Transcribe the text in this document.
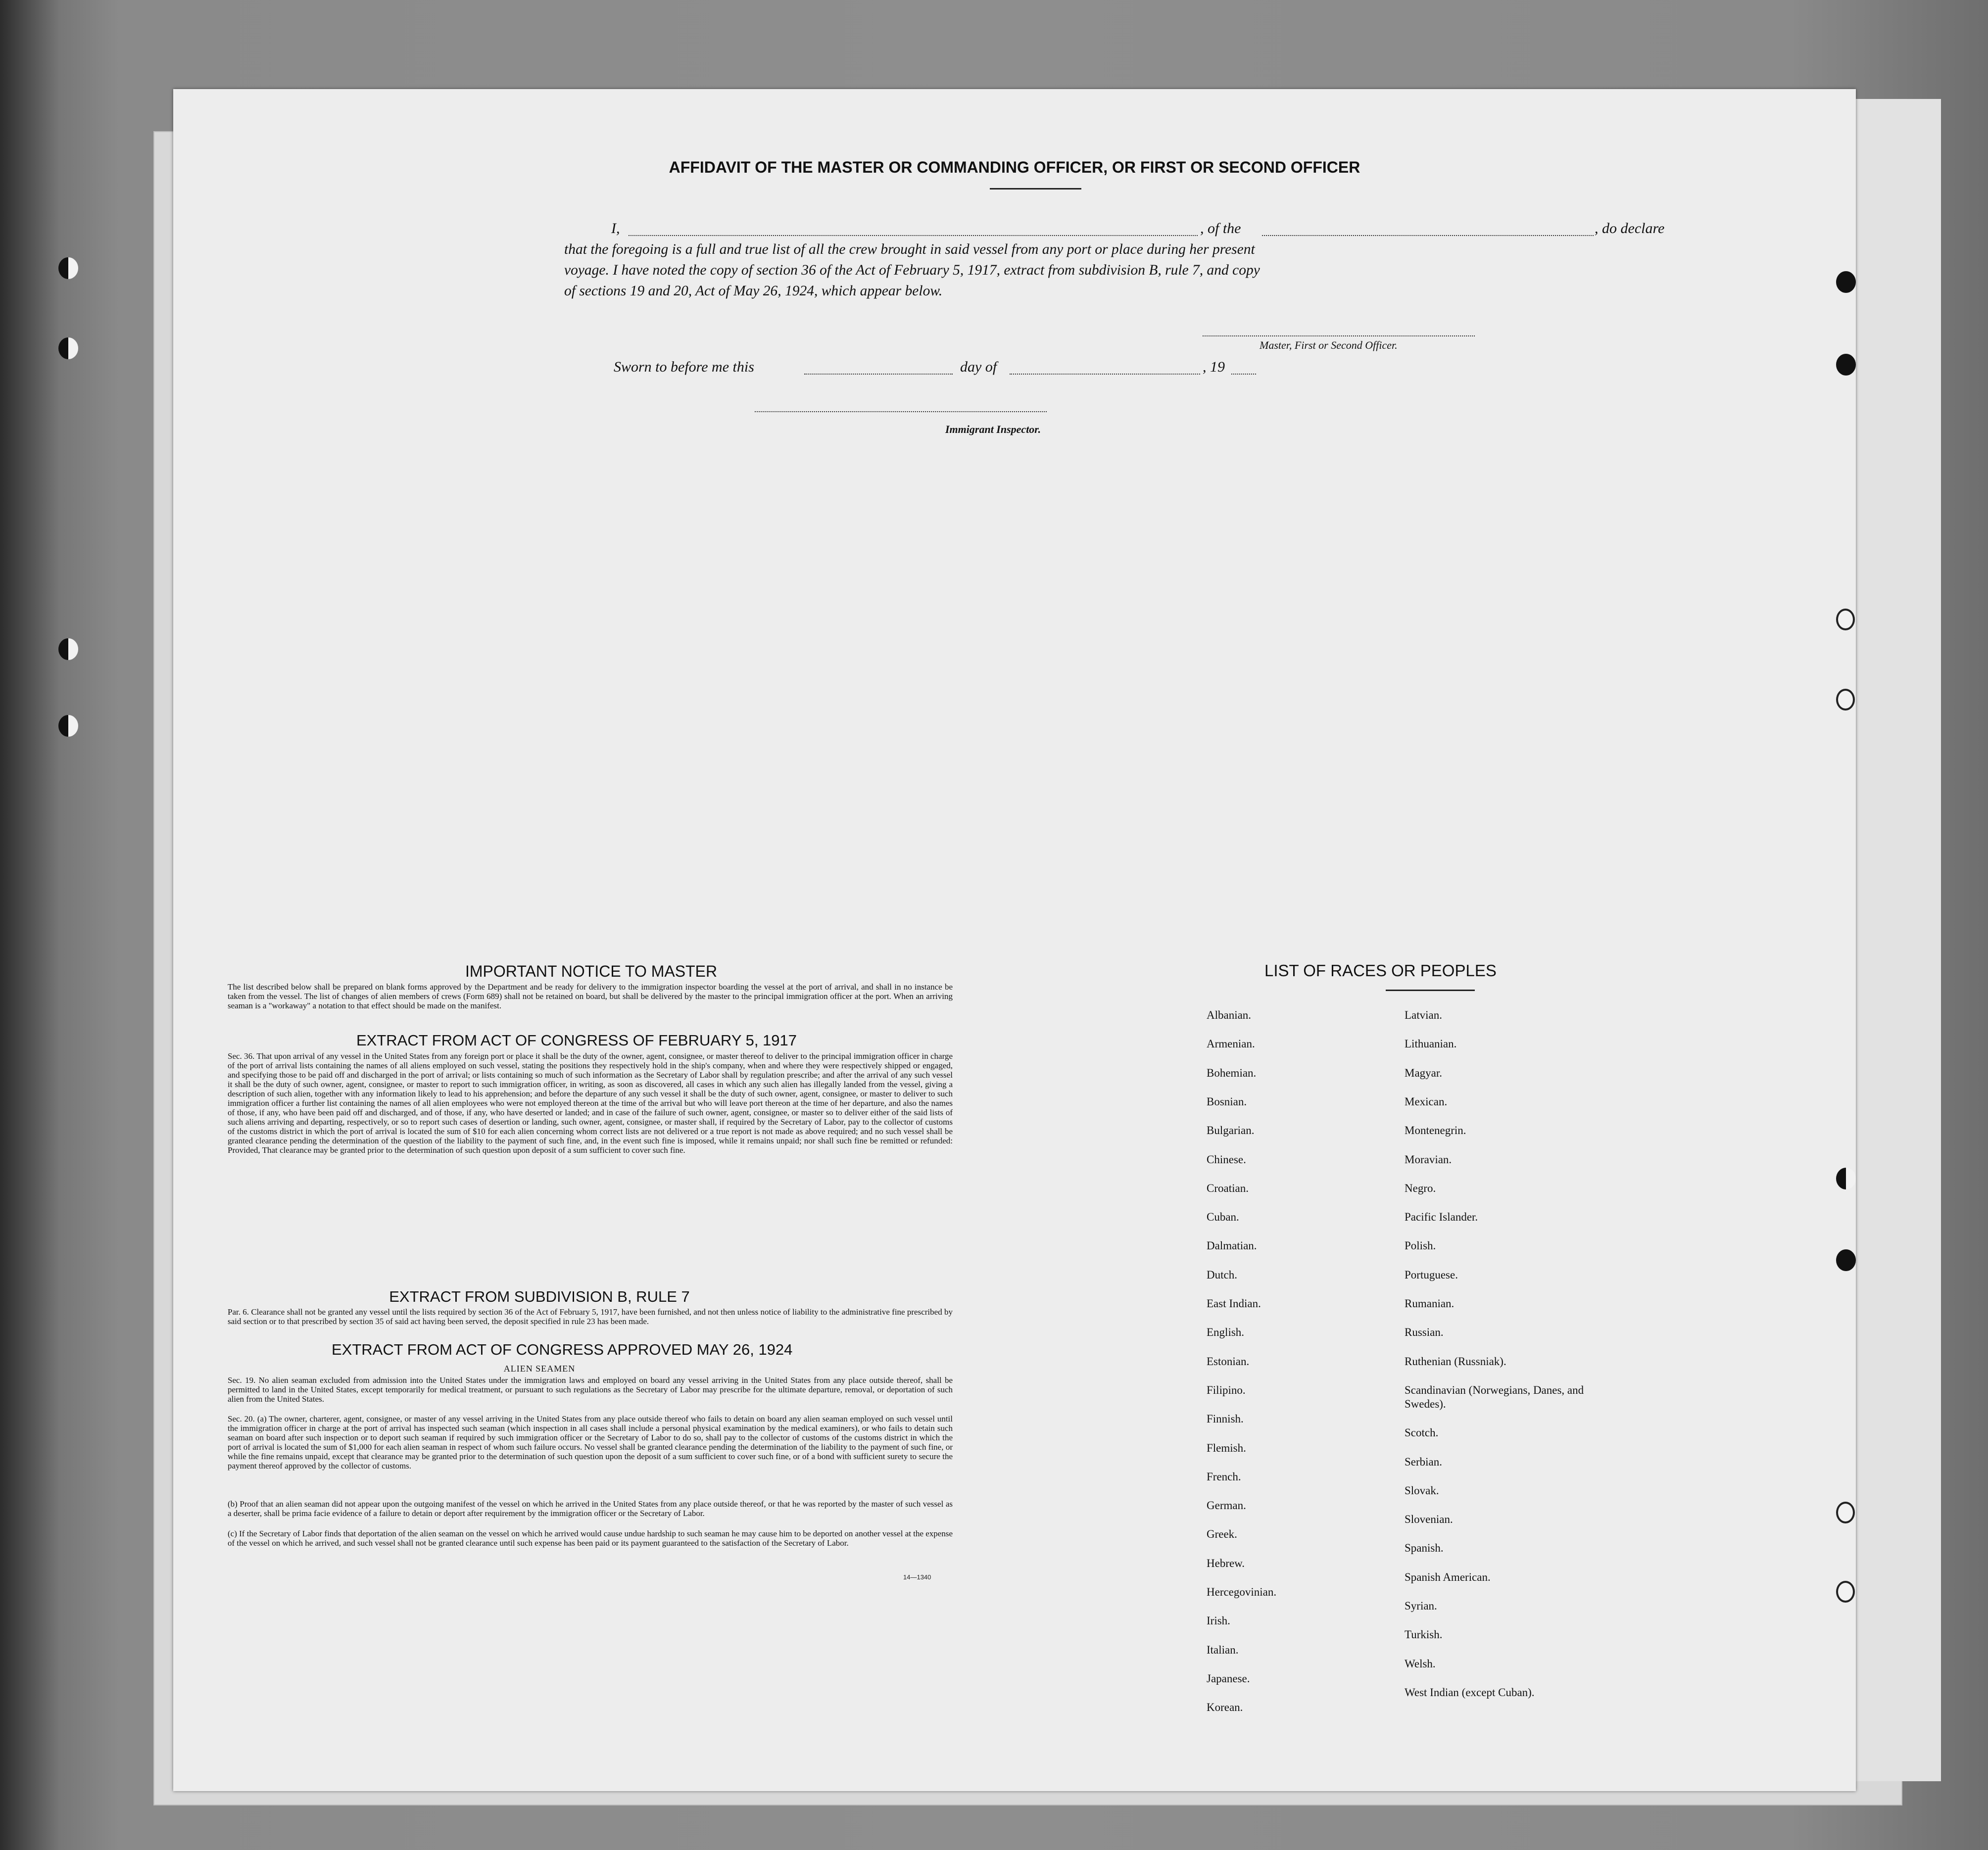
AFFIDAVIT OF THE MASTER OR COMMANDING OFFICER, OR FIRST OR SECOND OFFICER
I,	, of the	, do declare
that the foregoing is a full and true list of all the crew brought in said vessel from any port or place during her present
voyage. I have noted the copy of section 36 of the Act of February 5, 1917, extract from subdivision B, rule 7, and copy
of sections 19 and 20, Act of May 26, 1924, which appear below.
Master, First or Second Officer.
Sworn to before me this	day of	, 19
Immigrant Inspector.
IMPORTANT NOTICE TO MASTER
The list described below shall be prepared on blank forms approved by the Department and be ready for delivery to the immigration inspector boarding the vessel at the port of arrival, and shall in no instance be taken from the vessel. The list of changes of alien members of crews (Form 689) shall not be retained on board, but shall be delivered by the master to the principal immigration officer at the port. When an arriving seaman is a "workaway" a notation to that effect should be made on the manifest.
EXTRACT FROM ACT OF CONGRESS OF FEBRUARY 5, 1917
Sec. 36. That upon arrival of any vessel in the United States from any foreign port or place it shall be the duty of the owner, agent, consignee, or master thereof to deliver to the principal immigration officer in charge of the port of arrival lists containing the names of all aliens employed on such vessel, stating the positions they respectively hold in the ship's company, when and where they were respectively shipped or engaged, and specifying those to be paid off and discharged in the port of arrival; or lists containing so much of such information as the Secretary of Labor shall by regulation prescribe; and after the arrival of any such vessel it shall be the duty of such owner, agent, consignee, or master to report to such immigration officer, in writing, as soon as discovered, all cases in which any such alien has illegally landed from the vessel, giving a description of such alien, together with any information likely to lead to his apprehension; and before the departure of any such vessel it shall be the duty of such owner, agent, consignee, or master to deliver to such immigration officer a further list containing the names of all alien employees who were not employed thereon at the time of the arrival but who will leave port thereon at the time of her departure, and also the names of those, if any, who have been paid off and discharged, and of those, if any, who have deserted or landed; and in case of the failure of such owner, agent, consignee, or master so to deliver either of the said lists of such aliens arriving and departing, respectively, or so to report such cases of desertion or landing, such owner, agent, consignee, or master shall, if required by the Secretary of Labor, pay to the collector of customs of the customs district in which the port of arrival is located the sum of $10 for each alien concerning whom correct lists are not delivered or a true report is not made as above required; and no such vessel shall be granted clearance pending the determination of the question of the liability to the payment of such fine, and, in the event such fine is imposed, while it remains unpaid; nor shall such fine be remitted or refunded: Provided, That clearance may be granted prior to the determination of such question upon deposit of a sum sufficient to cover such fine.
EXTRACT FROM SUBDIVISION B, RULE 7
Par. 6. Clearance shall not be granted any vessel until the lists required by section 36 of the Act of February 5, 1917, have been furnished, and not then unless notice of liability to the administrative fine prescribed by said section or to that prescribed by section 35 of said act having been served, the deposit specified in rule 23 has been made.
EXTRACT FROM ACT OF CONGRESS APPROVED MAY 26, 1924
ALIEN SEAMEN
Sec. 19. No alien seaman excluded from admission into the United States under the immigration laws and employed on board any vessel arriving in the United States from any place outside thereof, shall be permitted to land in the United States, except temporarily for medical treatment, or pursuant to such regulations as the Secretary of Labor may prescribe for the ultimate departure, removal, or deportation of such alien from the United States.
Sec. 20. (a) The owner, charterer, agent, consignee, or master of any vessel arriving in the United States from any place outside thereof who fails to detain on board any alien seaman employed on such vessel until the immigration officer in charge at the port of arrival has inspected such seaman (which inspection in all cases shall include a personal physical examination by the medical examiners), or who fails to detain such seaman on board after such inspection or to deport such seaman if required by such immigration officer or the Secretary of Labor to do so, shall pay to the collector of customs of the customs district in which the port of arrival is located the sum of $1,000 for each alien seaman in respect of whom such failure occurs. No vessel shall be granted clearance pending the determination of the liability to the payment of such fine, or while the fine remains unpaid, except that clearance may be granted prior to the determination of such question upon the deposit of a sum sufficient to cover such fine, or of a bond with sufficient surety to secure the payment thereof approved by the collector of customs.
(b) Proof that an alien seaman did not appear upon the outgoing manifest of the vessel on which he arrived in the United States from any place outside thereof, or that he was reported by the master of such vessel as a deserter, shall be prima facie evidence of a failure to detain or deport after requirement by the immigration officer or the Secretary of Labor.
(c) If the Secretary of Labor finds that deportation of the alien seaman on the vessel on which he arrived would cause undue hardship to such seaman he may cause him to be deported on another vessel at the expense of the vessel on which he arrived, and such vessel shall not be granted clearance until such expense has been paid or its payment guaranteed to the satisfaction of the Secretary of Labor.
14—1340
LIST OF RACES OR PEOPLES
Albanian.
Armenian.
Bohemian.
Bosnian.
Bulgarian.
Chinese.
Croatian.
Cuban.
Dalmatian.
Dutch.
East Indian.
English.
Estonian.
Filipino.
Finnish.
Flemish.
French.
German.
Greek.
Hebrew.
Hercegovinian.
Irish.
Italian.
Japanese.
Korean.
Latvian.
Lithuanian.
Magyar.
Mexican.
Montenegrin.
Moravian.
Negro.
Pacific Islander.
Polish.
Portuguese.
Rumanian.
Russian.
Ruthenian (Russniak).
Scandinavian (Norwegians, Danes, and Swedes).
Scotch.
Serbian.
Slovak.
Slovenian.
Spanish.
Spanish American.
Syrian.
Turkish.
Welsh.
West Indian (except Cuban).
